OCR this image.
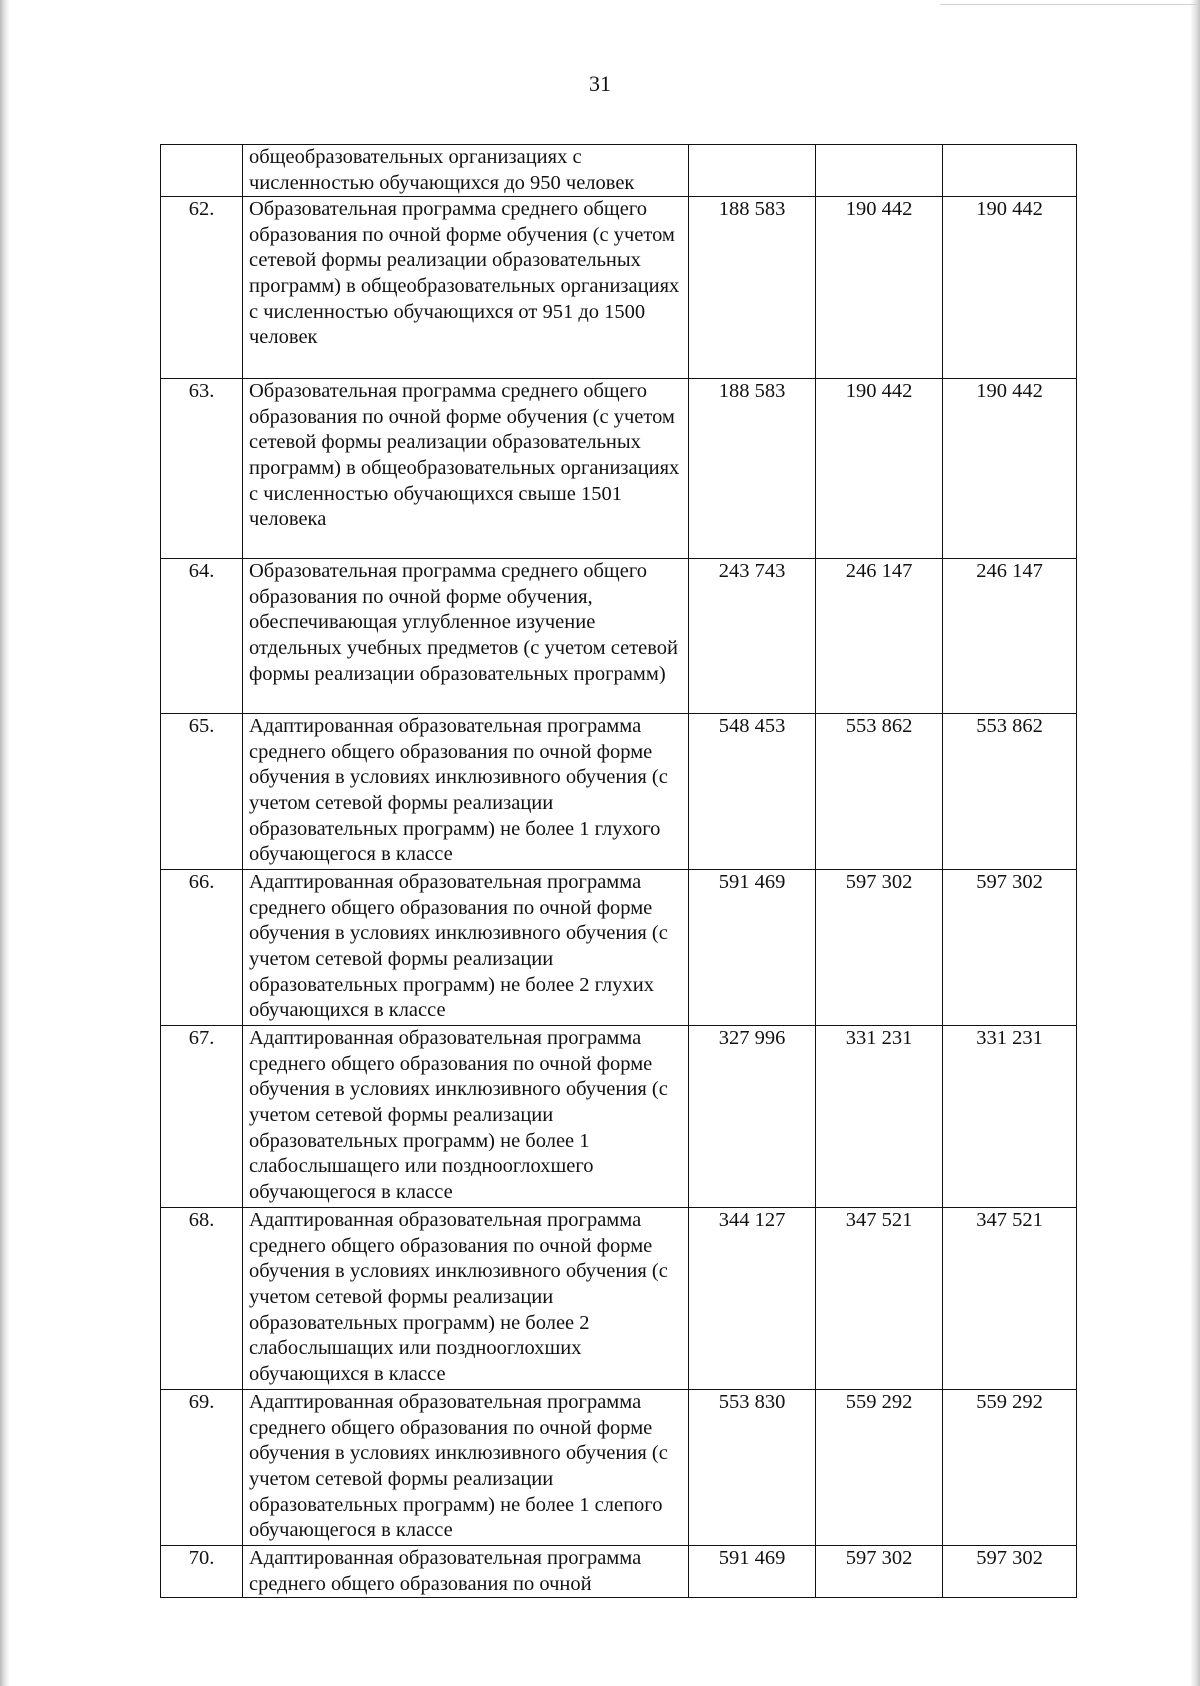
31
	общеобразовательных организациях с численностью обучающихся до 950 человек			
62.	Образовательная программа среднего общего образования по очной форме обучения (с учетом сетевой формы реализации образовательных программ) в общеобразовательных организациях с численностью обучающихся от 951 до 1500 человек	188 583	190 442	190 442
63.	Образовательная программа среднего общего образования по очной форме обучения (с учетом сетевой формы реализации образовательных программ) в общеобразовательных организациях с численностью обучающихся свыше 1501 человека	188 583	190 442	190 442
64.	Образовательная программа среднего общего образования по очной форме обучения, обеспечивающая углубленное изучение отдельных учебных предметов (с учетом сетевой формы реализации образовательных программ)	243 743	246 147	246 147
65.	Адаптированная образовательная программа среднего общего образования по очной форме обучения в условиях инклюзивного обучения (с учетом сетевой формы реализации образовательных программ) не более 1 глухого обучающегося в классе	548 453	553 862	553 862
66.	Адаптированная образовательная программа среднего общего образования по очной форме обучения в условиях инклюзивного обучения (с учетом сетевой формы реализации образовательных программ) не более 2 глухих обучающихся в классе	591 469	597 302	597 302
67.	Адаптированная образовательная программа среднего общего образования по очной форме обучения в условиях инклюзивного обучения (с учетом сетевой формы реализации образовательных программ) не более 1 слабослышащего или позднооглохшего обучающегося в классе	327 996	331 231	331 231
68.	Адаптированная образовательная программа среднего общего образования по очной форме обучения в условиях инклюзивного обучения (с учетом сетевой формы реализации образовательных программ) не более 2 слабослышащих или позднооглохших обучающихся в классе	344 127	347 521	347 521
69.	Адаптированная образовательная программа среднего общего образования по очной форме обучения в условиях инклюзивного обучения (с учетом сетевой формы реализации образовательных программ) не более 1 слепого обучающегося в классе	553 830	559 292	559 292
70.	Адаптированная образовательная программа среднего общего образования по очной	591 469	597 302	597 302
